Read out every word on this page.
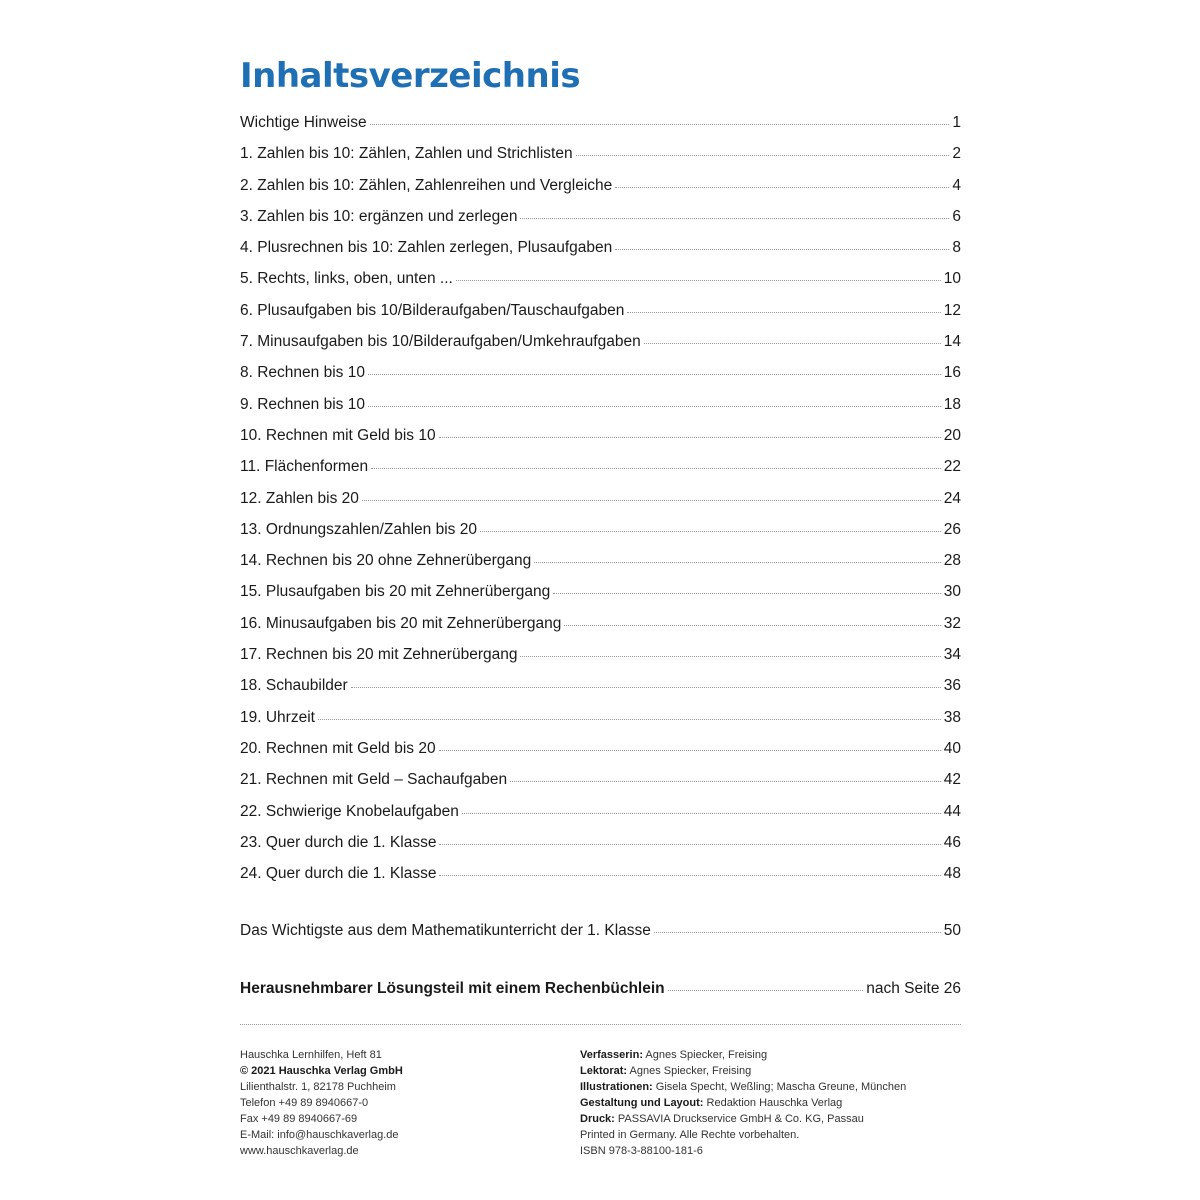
Inhaltsverzeichnis
Wichtige Hinweise	1
1. Zahlen bis 10: Zählen, Zahlen und Strichlisten	2
2. Zahlen bis 10: Zählen, Zahlenreihen und Vergleiche	4
3. Zahlen bis 10: ergänzen und zerlegen	6
4. Plusrechnen bis 10: Zahlen zerlegen, Plusaufgaben	8
5. Rechts, links, oben, unten ...	10
6. Plusaufgaben bis 10/Bilderaufgaben/Tauschaufgaben	12
7. Minusaufgaben bis 10/Bilderaufgaben/Umkehraufgaben	14
8. Rechnen bis 10	16
9. Rechnen bis 10	18
10. Rechnen mit Geld bis 10	20
11. Flächenformen	22
12. Zahlen bis 20	24
13. Ordnungszahlen/Zahlen bis 20	26
14. Rechnen bis 20 ohne Zehnerübergang	28
15. Plusaufgaben bis 20 mit Zehnerübergang	30
16. Minusaufgaben bis 20 mit Zehnerübergang	32
17. Rechnen bis 20 mit Zehnerübergang	34
18. Schaubilder	36
19. Uhrzeit	38
20. Rechnen mit Geld bis 20	40
21. Rechnen mit Geld – Sachaufgaben	42
22. Schwierige Knobelaufgaben	44
23. Quer durch die 1. Klasse	46
24. Quer durch die 1. Klasse	48
Das Wichtigste aus dem Mathematikunterricht der 1. Klasse	50
Herausnehmbarer Lösungsteil mit einem Rechenbüchlein	nach Seite 26
Hauschka Lernhilfen, Heft 81
© 2021 Hauschka Verlag GmbH
Lilienthalstr. 1, 82178 Puchheim
Telefon +49 89 8940667-0
Fax +49 89 8940667-69
E-Mail: info@hauschkaverlag.de
www.hauschkaverlag.de
Verfasserin: Agnes Spiecker, Freising
Lektorat: Agnes Spiecker, Freising
Illustrationen: Gisela Specht, Weßling; Mascha Greune, München
Gestaltung und Layout: Redaktion Hauschka Verlag
Druck: PASSAVIA Druckservice GmbH & Co. KG, Passau
Printed in Germany. Alle Rechte vorbehalten.
ISBN 978-3-88100-181-6
